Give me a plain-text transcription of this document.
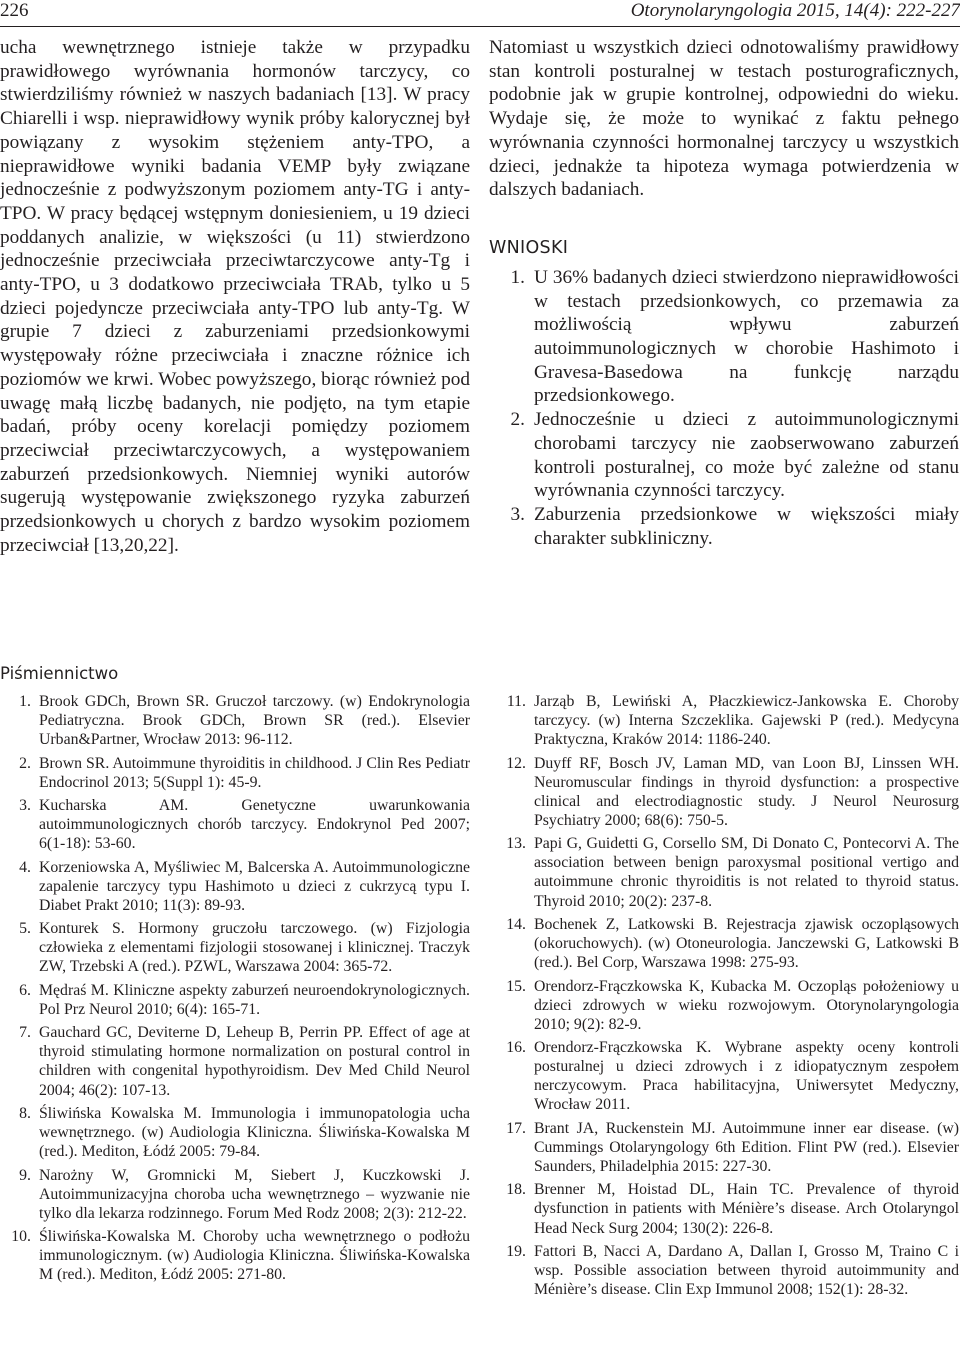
226	Otorynolaryngologia 2015, 14(4): 222-227

ucha wewnętrznego istnieje także w przypadku prawidłowego wyrównania hormonów tarczycy, co stwierdziliśmy również w naszych badaniach [13]. W pracy Chiarelli i wsp. nieprawidłowy wynik próby kalorycznej był powiązany z wysokim stężeniem anty-TPO, a nieprawidłowe wyniki badania VEMP były związane jednocześnie z podwyższonym poziomem anty-TG i anty-TPO. W pracy będącej wstępnym doniesieniem, u 19 dzieci poddanych analizie, w większości (u 11) stwierdzono jednocześnie przeciwciała przeciwtarczycowe anty-Tg i anty-TPO, u 3 dodatkowo przeciwciała TRAb, tylko u 5 dzieci pojedyncze przeciwciała anty-TPO lub anty-Tg. W grupie 7 dzieci z zaburzeniami przedsionkowymi występowały różne przeciwciała i znaczne różnice ich poziomów we krwi. Wobec powyższego, biorąc również pod uwagę małą liczbę badanych, nie podjęto, na tym etapie badań, próby oceny korelacji pomiędzy poziomem przeciwciał przeciwtarczycowych, a występowaniem zaburzeń przedsionkowych. Niemniej wyniki autorów sugerują występowanie zwiększonego ryzyka zaburzeń przedsionkowych u chorych z bardzo wysokim poziomem przeciwciał [13,20,22].

Natomiast u wszystkich dzieci odnotowaliśmy prawidłowy stan kontroli posturalnej w testach posturograficznych, podobnie jak w grupie kontrolnej, odpowiedni do wieku. Wydaje się, że może to wynikać z faktu pełnego wyrównania czynności hormonalnej tarczycy u wszystkich dzieci, jednakże ta hipoteza wymaga potwierdzenia w dalszych badaniach.

WNIOSKI
1. U 36% badanych dzieci stwierdzono nieprawidłowości w testach przedsionkowych, co przemawia za możliwością wpływu zaburzeń autoimmunologicznych w chorobie Hashimoto i Gravesa-Basedowa na funkcję narządu przedsionkowego.
2. Jednocześnie u dzieci z autoimmunologicznymi chorobami tarczycy nie zaobserwowano zaburzeń kontroli posturalnej, co może być zależne od stanu wyrównania czynności tarczycy.
3. Zaburzenia przedsionkowe w większości miały charakter subkliniczny.
Piśmiennictwo
1. Brook GDCh, Brown SR. Gruczoł tarczowy. (w) Endokrynologia Pediatryczna. Brook GDCh, Brown SR (red.). Elsevier Urban&Partner, Wrocław 2013: 96-112.
2. Brown SR. Autoimmune thyroiditis in childhood. J Clin Res Pediatr Endocrinol 2013; 5(Suppl 1): 45-9.
3. Kucharska AM. Genetyczne uwarunkowania autoimmunologicznych chorób tarczycy. Endokrynol Ped 2007; 6(1-18): 53-60.
4. Korzeniowska A, Myśliwiec M, Balcerska A. Autoimmunologiczne zapalenie tarczycy typu Hashimoto u dzieci z cukrzycą typu I. Diabet Prakt 2010; 11(3): 89-93.
5. Konturek S. Hormony gruczołu tarczowego. (w) Fizjologia człowieka z elementami fizjologii stosowanej i klinicznej. Traczyk ZW, Trzebski A (red.). PZWL, Warszawa 2004: 365-72.
6. Mędraś M. Kliniczne aspekty zaburzeń neuroendokrynologicznych. Pol Prz Neurol 2010; 6(4): 165-71.
7. Gauchard GC, Deviterne D, Leheup B, Perrin PP. Effect of age at thyroid stimulating hormone normalization on postural control in children with congenital hypothyroidism. Dev Med Child Neurol 2004; 46(2): 107-13.
8. Śliwińska Kowalska M. Immunologia i immunopatologia ucha wewnętrznego. (w) Audiologia Kliniczna. Śliwińska-Kowalska M (red.). Mediton, Łódź 2005: 79-84.
9. Narożny W, Gromnicki M, Siebert J, Kuczkowski J. Autoimmunizacyjna choroba ucha wewnętrznego – wyzwanie nie tylko dla lekarza rodzinnego. Forum Med Rodz 2008; 2(3): 212-22.
10. Śliwińska-Kowalska M. Choroby ucha wewnętrznego o podłożu immunologicznym. (w) Audiologia Kliniczna. Śliwińska-Kowalska M (red.). Mediton, Łódź 2005: 271-80.
11. Jarząb B, Lewiński A, Płaczkiewicz-Jankowska E. Choroby tarczycy. (w) Interna Szczeklika. Gajewski P (red.). Medycyna Praktyczna, Kraków 2014: 1186-240.
12. Duyff RF, Bosch JV, Laman MD, van Loon BJ, Linssen WH. Neuromuscular findings in thyroid dysfunction: a prospective clinical and electrodiagnostic study. J Neurol Neurosurg Psychiatry 2000; 68(6): 750-5.
13. Papi G, Guidetti G, Corsello SM, Di Donato C, Pontecorvi A. The association between benign paroxysmal positional vertigo and autoimmune chronic thyroiditis is not related to thyroid status. Thyroid 2010; 20(2): 237-8.
14. Bochenek Z, Latkowski B. Rejestracja zjawisk oczopląsowych (okoruchowych). (w) Otoneurologia. Janczewski G, Latkowski B (red.). Bel Corp, Warszawa 1998: 275-93.
15. Orendorz-Frączkowska K, Kubacka M. Oczopląs położeniowy u dzieci zdrowych w wieku rozwojowym. Otorynolaryngologia 2010; 9(2): 82-9.
16. Orendorz-Frączkowska K. Wybrane aspekty oceny kontroli posturalnej u dzieci zdrowych i z idiopatycznym zespołem nerczycowym. Praca habilitacyjna, Uniwersytet Medyczny, Wrocław 2011.
17. Brant JA, Ruckenstein MJ. Autoimmune inner ear disease. (w) Cummings Otolaryngology 6th Edition. Flint PW (red.). Elsevier Saunders, Philadelphia 2015: 227-30.
18. Brenner M, Hoistad DL, Hain TC. Prevalence of thyroid dysfunction in patients with Ménière’s disease. Arch Otolaryngol Head Neck Surg 2004; 130(2): 226-8.
19. Fattori B, Nacci A, Dardano A, Dallan I, Grosso M, Traino C i wsp. Possible association between thyroid autoimmunity and Ménière’s disease. Clin Exp Immunol 2008; 152(1): 28-32.
